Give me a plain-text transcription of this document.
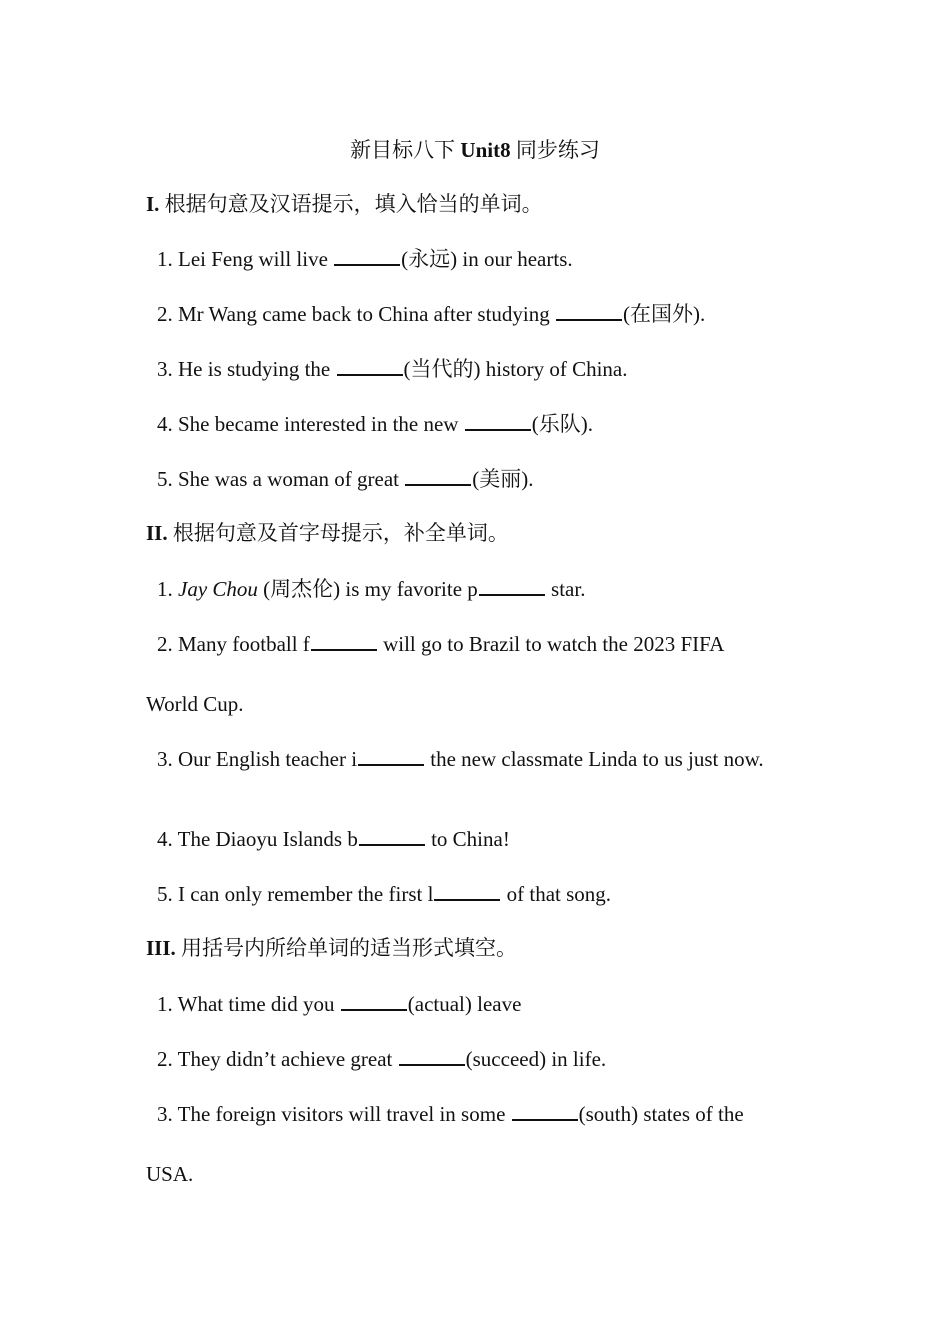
新目标八下 Unit8 同步练习
I. 根据句意及汉语提示，填入恰当的单词。
1. Lei Feng will live	(永远) in our hearts.
2. Mr Wang came back to China after studying	(在国外).
3. He is studying the	(当代的) history of China.
4. She became interested in the new	(乐队).
5. She was a woman of great	(美丽).
II. 根据句意及首字母提示，补全单词。
1. Jay Chou (周杰伦) is my favorite p	star.
2. Many football f	will go to Brazil to watch the 2023 FIFA
World Cup.
3. Our English teacher i	the new classmate Linda to us just now.
4. The Diaoyu Islands b	to China!
5. I can only remember the first l	of that song.
III. 用括号内所给单词的适当形式填空。
1. What time did you	(actual) leave
2. They didn’t achieve great	(succeed) in life.
3. The foreign visitors will travel in some	(south) states of the
USA.
